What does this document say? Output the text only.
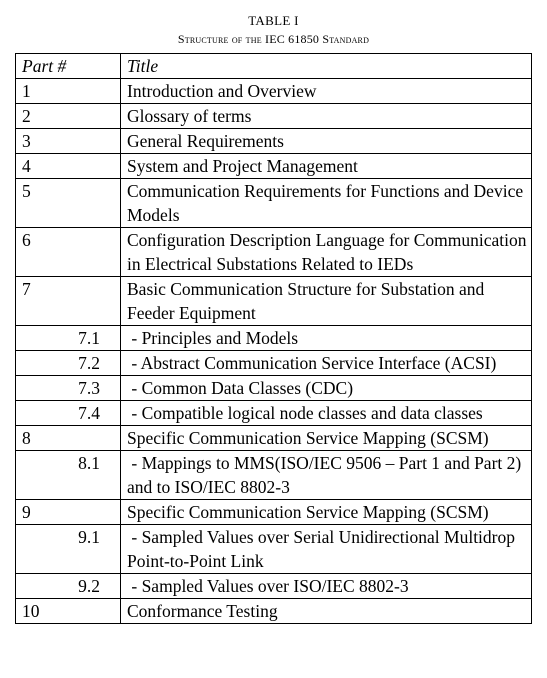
TABLE I
Structure of the IEC 61850 Standard
Part #	Title
1	Introduction and Overview
2	Glossary of terms
3	General Requirements
4	System and Project Management
5	Communication Requirements for Functions and Device Models
6	Configuration Description Language for Communication in Electrical Substations Related to IEDs
7	Basic Communication Structure for Substation and Feeder Equipment
7.1	- Principles and Models
7.2	- Abstract Communication Service Interface (ACSI)
7.3	- Common Data Classes (CDC)
7.4	- Compatible logical node classes and data classes
8	Specific Communication Service Mapping (SCSM)
8.1	- Mappings to MMS(ISO/IEC 9506 – Part 1 and Part 2) and to ISO/IEC 8802-3
9	Specific Communication Service Mapping (SCSM)
9.1	- Sampled Values over Serial Unidirectional Multidrop Point-to-Point Link
9.2	- Sampled Values over ISO/IEC 8802-3
10	Conformance Testing
